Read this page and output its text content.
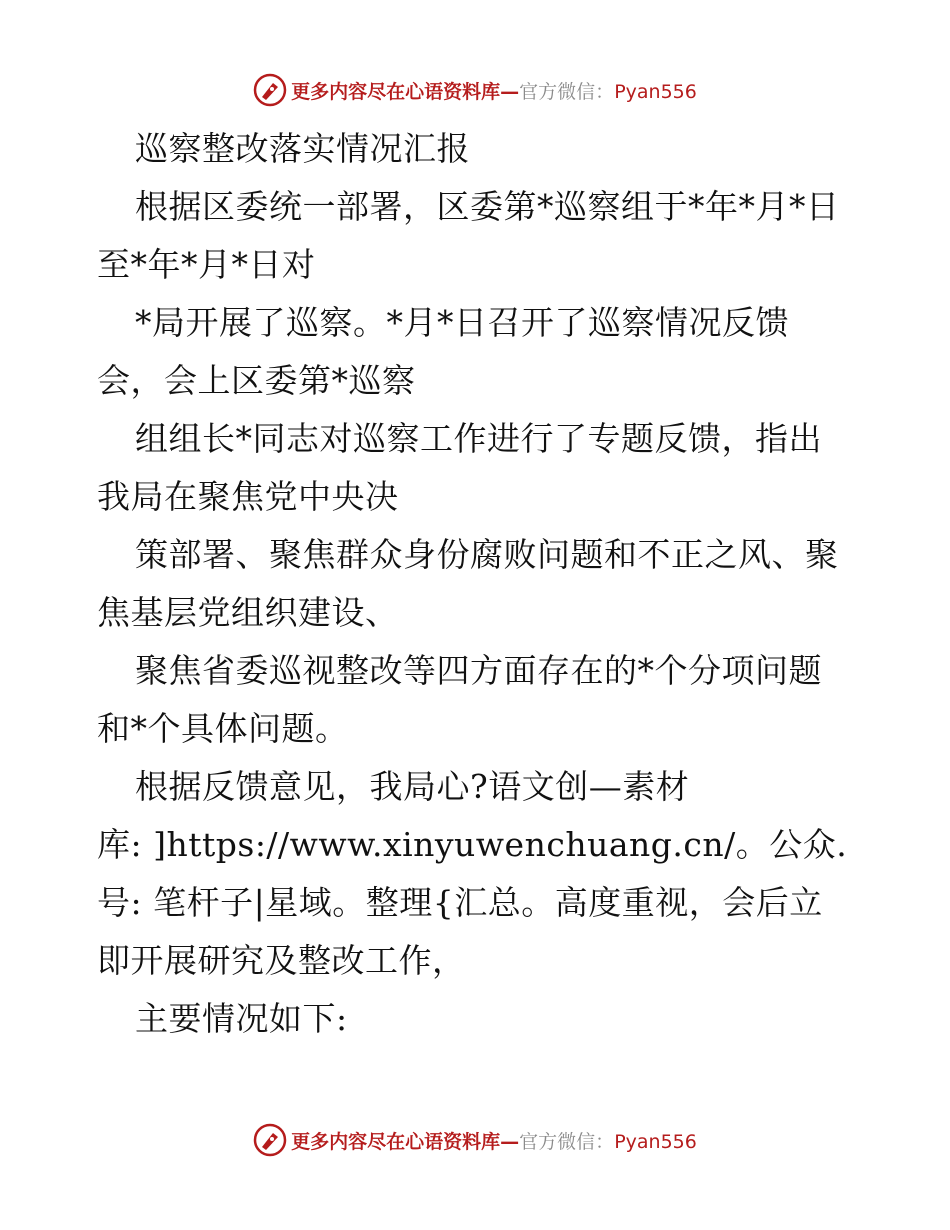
更多内容尽在心语资料库—官方微信：Pyan556
巡察整改落实情况汇报
根据区委统一部署，区委第*巡察组于*年*月*日
至*年*月*日对
*局开展了巡察。*月*日召开了巡察情况反馈
会，会上区委第*巡察
组组长*同志对巡察工作进行了专题反馈，指出
我局在聚焦党中央决
策部署、聚焦群众身份腐败问题和不正之风、聚
焦基层党组织建设、
聚焦省委巡视整改等四方面存在的*个分项问题
和*个具体问题。
根据反馈意见，我局心?语文创—素材
库: ]https://www.xinyuwenchuang.cn/。公众.
号: 笔杆子|星域。整理{汇总。高度重视，会后立
即开展研究及整改工作，
主要情况如下:
更多内容尽在心语资料库—官方微信：Pyan556
